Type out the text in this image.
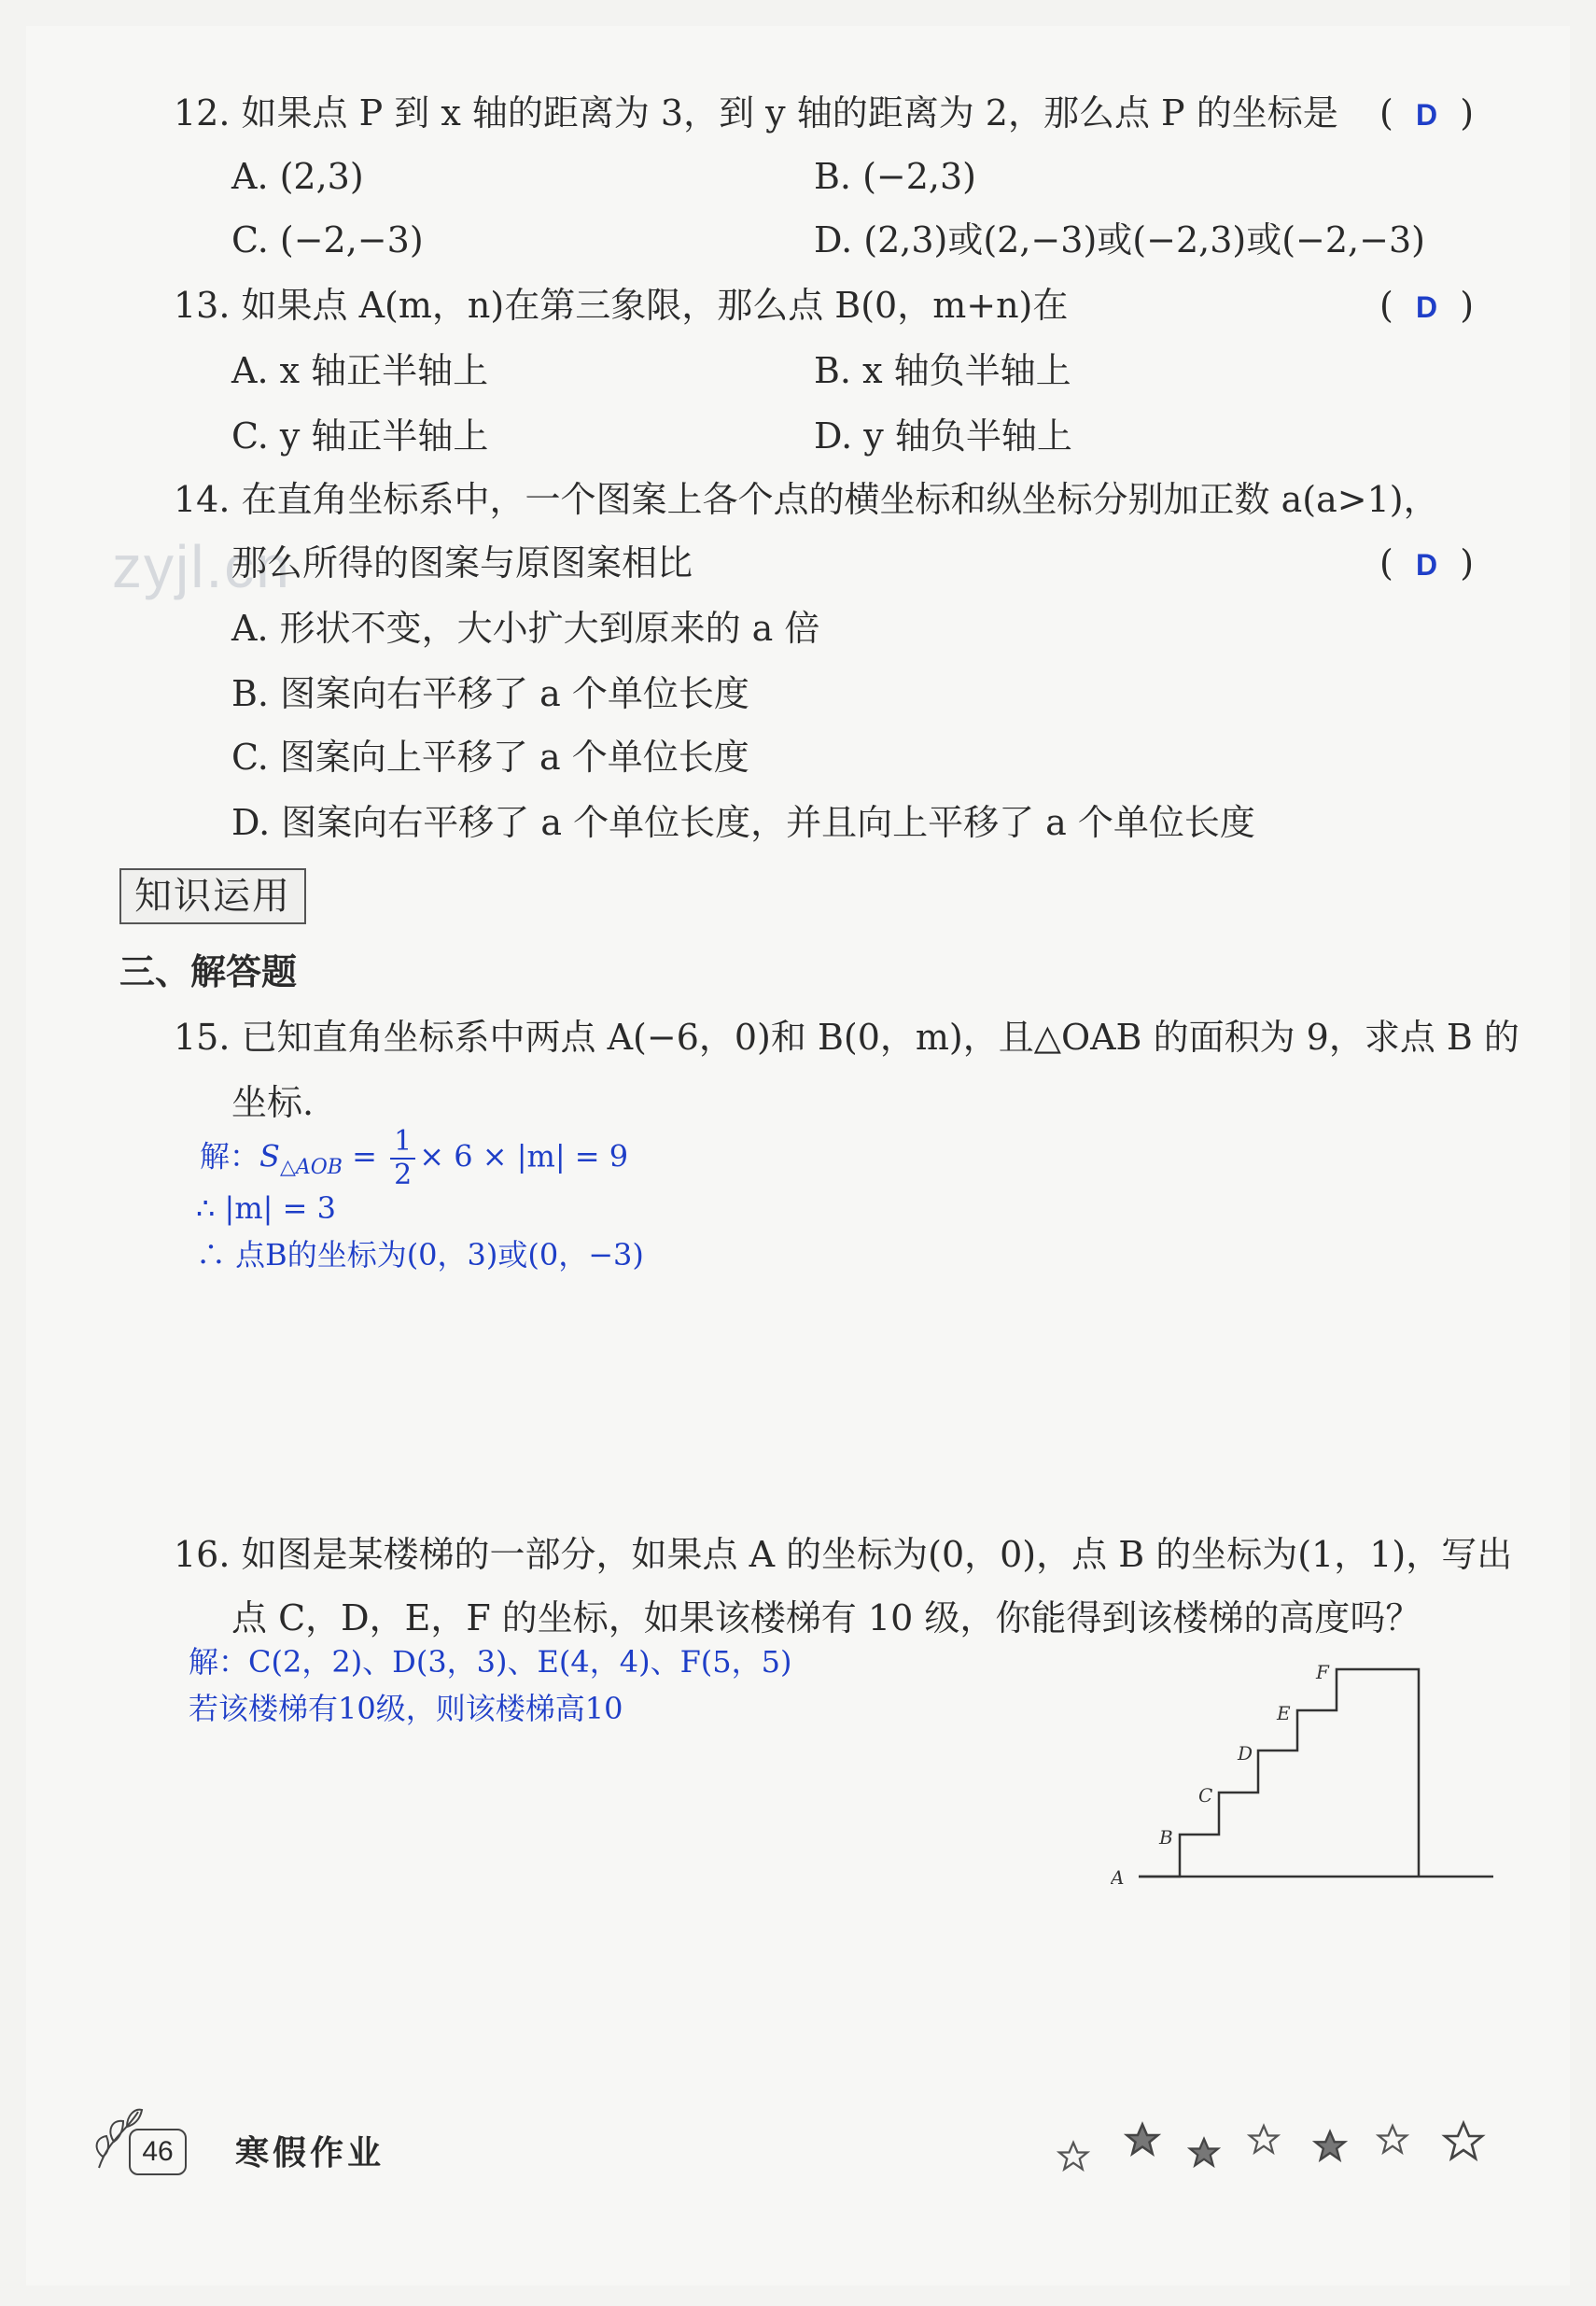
zyjl.cn
12. 如果点 P 到 x 轴的距离为 3，到 y 轴的距离为 2，那么点 P 的坐标是 (  D  )
A. (2,3)	B. (−2,3)
C. (−2,−3)	D. (2,3)或(2,−3)或(−2,3)或(−2,−3)
13. 如果点 A(m，n)在第三象限，那么点 B(0，m+n)在	(  D  )
A. x 轴正半轴上	B. x 轴负半轴上
C. y 轴正半轴上	D. y 轴负半轴上
14. 在直角坐标系中，一个图案上各个点的横坐标和纵坐标分别加正数 a(a>1)，
那么所得的图案与原图案相比	(  D  )
A. 形状不变，大小扩大到原来的 a 倍
B. 图案向右平移了 a 个单位长度
C. 图案向上平移了 a 个单位长度
D. 图案向右平移了 a 个单位长度，并且向上平移了 a 个单位长度
知识运用
三、解答题
15. 已知直角坐标系中两点 A(−6，0)和 B(0，m)，且△OAB 的面积为 9，求点 B 的
坐标.
解：$S_{\triangle AOB} = \frac{1}{2} \times 6 \times |m| = 9$
∴ |m| = 3
∴ 点B的坐标为(0，3)或(0，−3)
16. 如图是某楼梯的一部分，如果点 A 的坐标为(0，0)，点 B 的坐标为(1，1)，写出
点 C，D，E，F 的坐标，如果该楼梯有 10 级，你能得到该楼梯的高度吗？
解：C(2，2)、D(3，3)、E(4，4)、F(5，5)
若该楼梯有10级，则该楼梯高10
A
B
C
D
E
F
46	寒假作业
